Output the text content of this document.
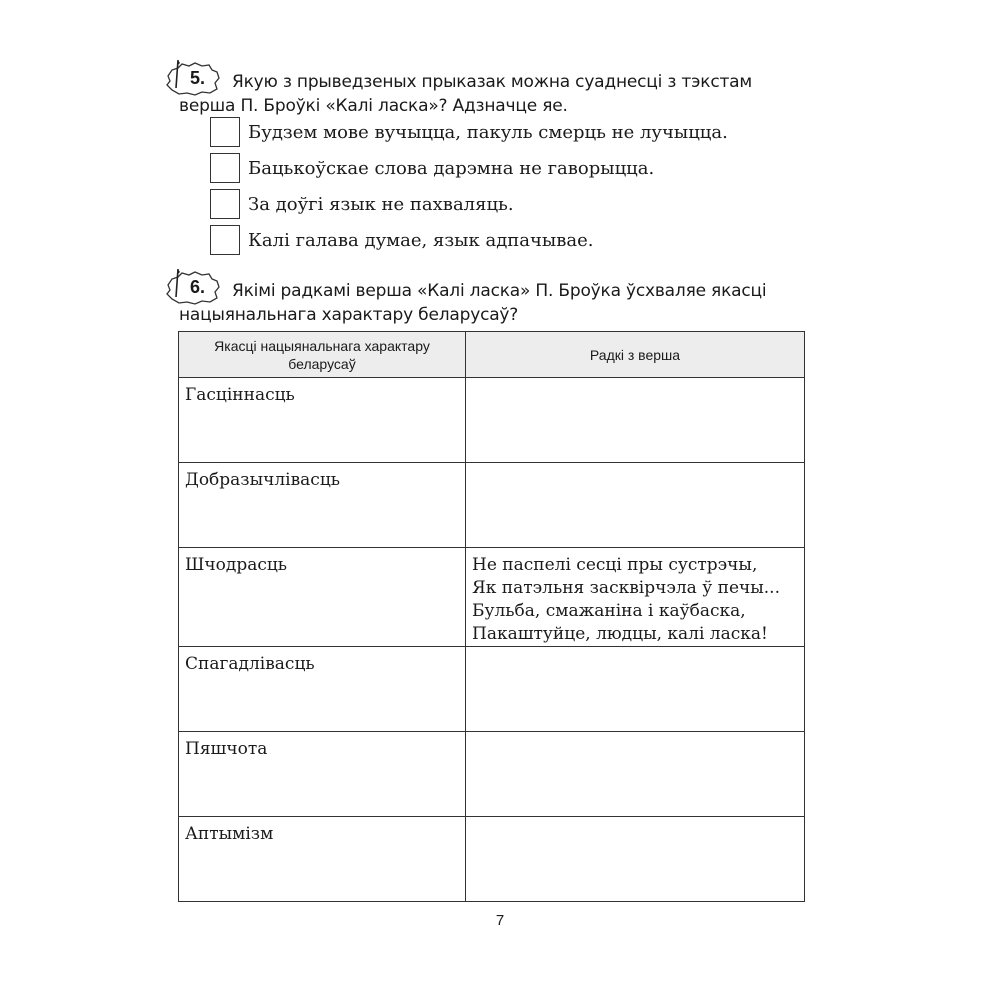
5.	Якую з прыведзеных прыказак можна суаднесці з тэкстам верша П. Броўкі «Калі ласка»? Адзначце яе.

Будзем мове вучыцца, пакуль смерць не лучыцца.
Бацькоўскае слова дарэмна не гаворыцца.
За доўгі язык не пахваляць.
Калі галава думае, язык адпачывае.
6.	Якімі радкамі верша «Калі ласка» П. Броўка ўсхваляе якасці нацыянальнага характару беларусаў?

Якасці нацыянальнага характару беларусаў	Радкі з верша
Гасціннасць	
Добразычлівасць	
Шчодрасць	Не паспелі сесці пры сустрэчы,
Як патэльня засквірчэла ў печы...
Бульба, смажаніна і каўбаска,
Пакаштуйце, людцы, калі ласка!

Спагадлівасць	
Пяшчота	
Аптымізм	
7
